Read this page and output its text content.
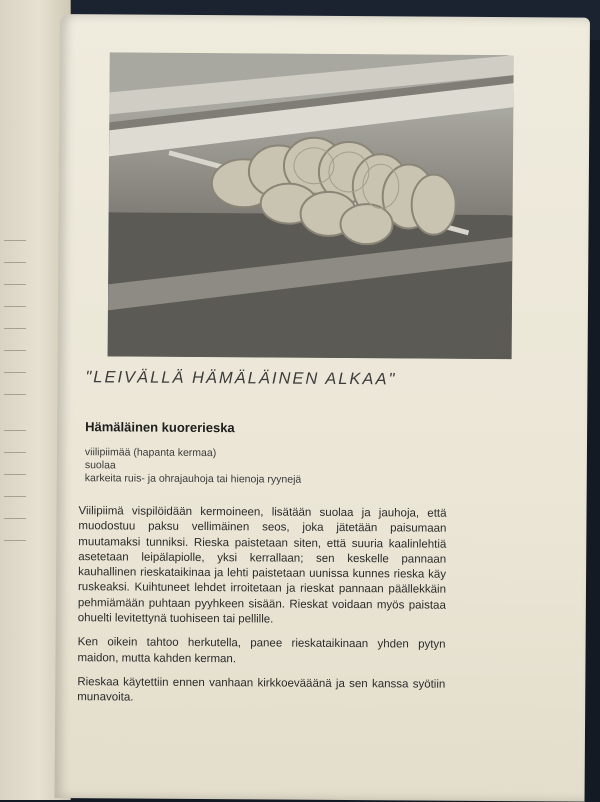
"LEIVÄLLÄ HÄMÄLÄINEN ALKAA"
Hämäläinen kuorerieska
viilipiimää (hapanta kermaa)
suolaa
karkeita ruis- ja ohrajauhoja tai hienoja ryynejä

Viilipiimä vispilöidään kermoineen, lisätään suolaa ja jauhoja, että muodostuu paksu vellimäinen seos, joka jätetään paisumaan muutamaksi tunniksi. Rieska paistetaan siten, että suuria kaalinlehtiä asetetaan leipälapiolle, yksi kerrallaan; sen keskelle pannaan kauhallinen rieskataikinaa ja lehti paistetaan uunissa kunnes rieska käy ruskeaksi. Kuihtuneet lehdet irroitetaan ja rieskat pannaan päällekkäin pehmiämään puhtaan pyyhkeen sisään. Rieskat voidaan myös paistaa ohuelti levitettynä tuohiseen tai pellille.

Ken oikein tahtoo herkutella, panee rieskataikinaan yhden pytyn maidon, mutta kahden kerman.

Rieskaa käytettiin ennen vanhaan kirkkoevääänä ja sen kanssa syötiin munavoita.
